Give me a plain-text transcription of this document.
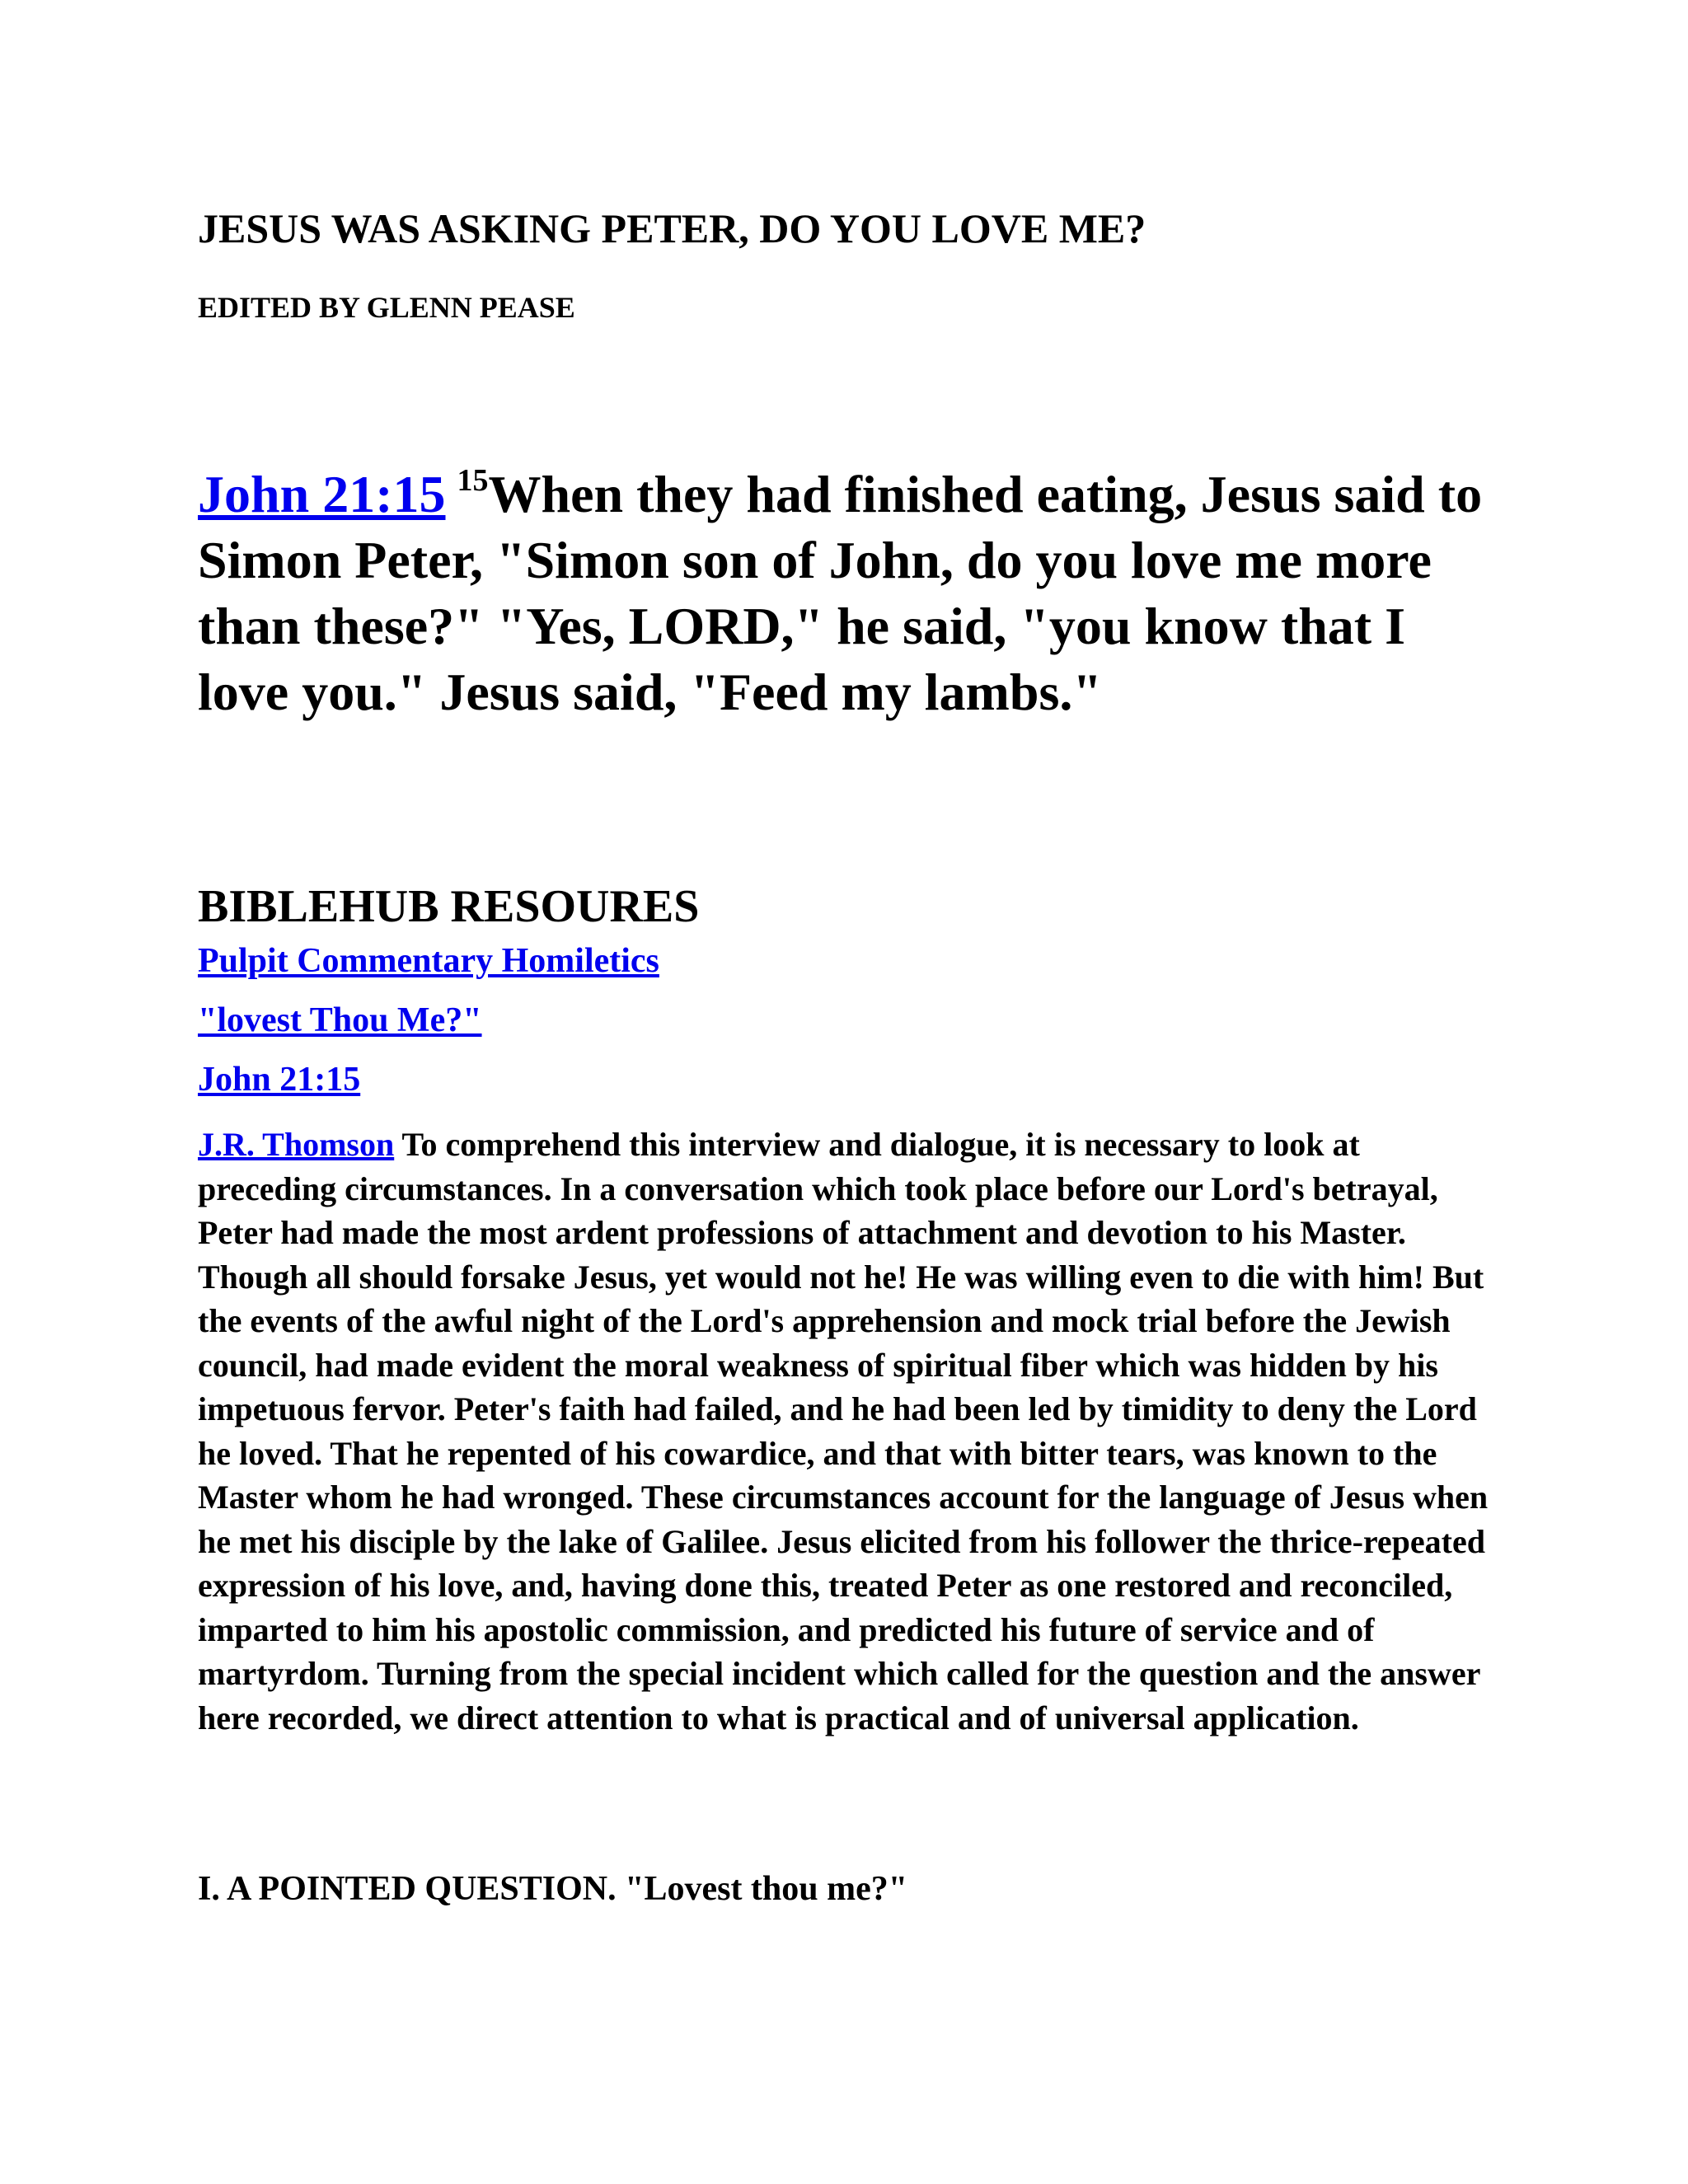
JESUS WAS ASKING PETER, DO YOU LOVE ME?
EDITED BY GLENN PEASE
John 21:15 $^{15}$When they had finished eating, Jesus said to Simon Peter, "Simon son of John, do you love me more than these?" "Yes, LORD," he said, "you know that I love you." Jesus said, "Feed my lambs."
BIBLEHUB RESOURES
Pulpit Commentary Homiletics
"lovest Thou Me?"
John 21:15

J.R. Thomson To comprehend this interview and dialogue, it is necessary to look at preceding circumstances. In a conversation which took place before our Lord's betrayal, Peter had made the most ardent professions of attachment and devotion to his Master. Though all should forsake Jesus, yet would not he! He was willing even to die with him! But the events of the awful night of the Lord's apprehension and mock trial before the Jewish council, had made evident the moral weakness of spiritual fiber which was hidden by his impetuous fervor. Peter's faith had failed, and he had been led by timidity to deny the Lord he loved. That he repented of his cowardice, and that with bitter tears, was known to the Master whom he had wronged. These circumstances account for the language of Jesus when he met his disciple by the lake of Galilee. Jesus elicited from his follower the thrice-repeated expression of his love, and, having done this, treated Peter as one restored and reconciled, imparted to him his apostolic commission, and predicted his future of service and of martyrdom. Turning from the special incident which called for the question and the answer here recorded, we direct attention to what is practical and of universal application.

I. A POINTED QUESTION. "Lovest thou me?"
